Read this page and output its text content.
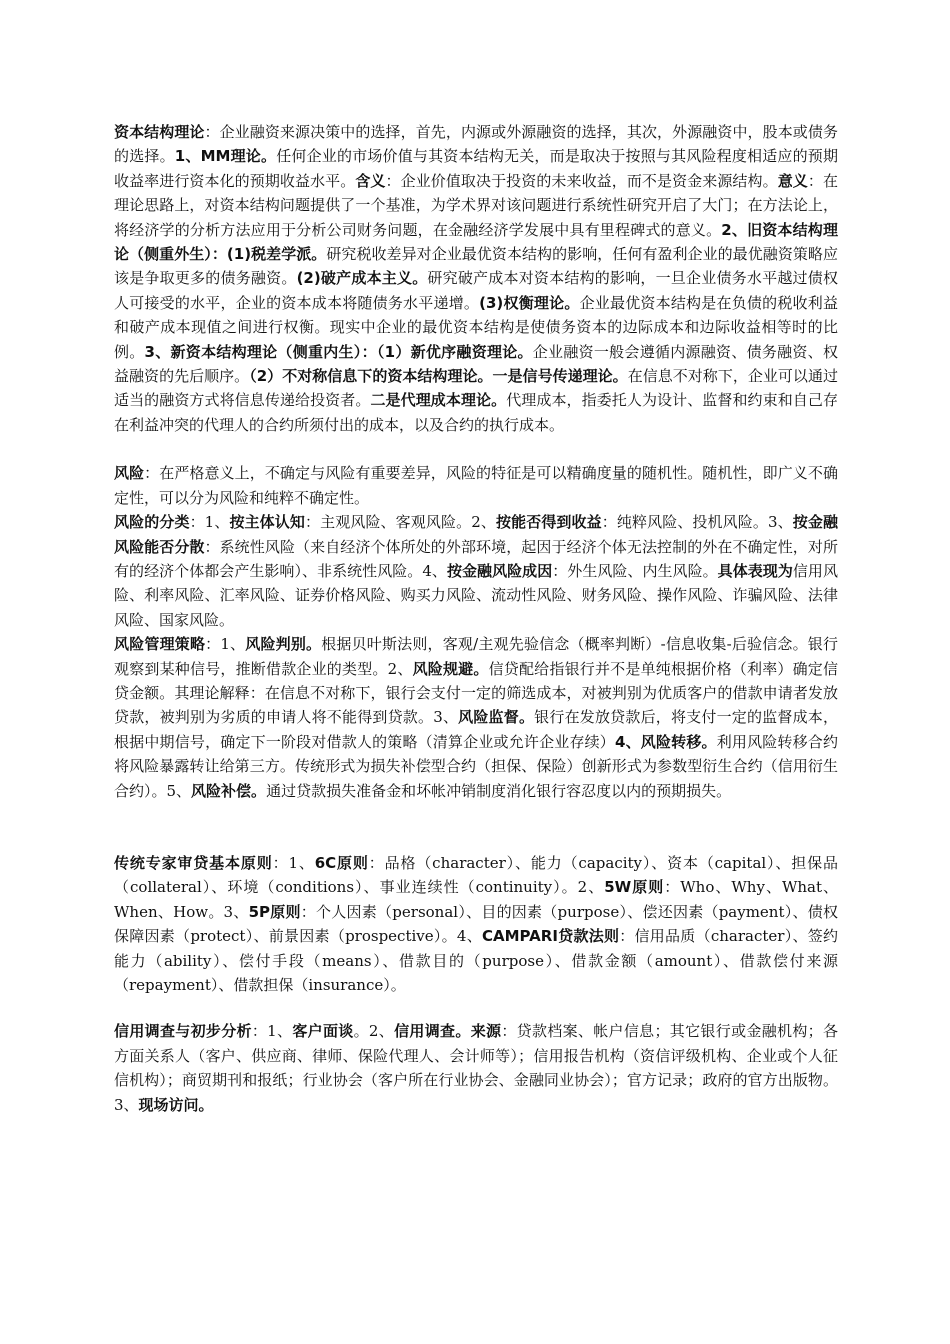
资本结构理论：企业融资来源决策中的选择，首先，内源或外源融资的选择，其次，外源融资中，股本或债务的选择。1、MM理论。任何企业的市场价值与其资本结构无关，而是取决于按照与其风险程度相适应的预期收益率进行资本化的预期收益水平。含义：企业价值取决于投资的未来收益，而不是资金来源结构。意义：在理论思路上，对资本结构问题提供了一个基准，为学术界对该问题进行系统性研究开启了大门；在方法论上，将经济学的分析方法应用于分析公司财务问题，在金融经济学发展中具有里程碑式的意义。2、旧资本结构理论（侧重外生）：(1)税差学派。研究税收差异对企业最优资本结构的影响，任何有盈利企业的最优融资策略应该是争取更多的债务融资。(2)破产成本主义。研究破产成本对资本结构的影响，一旦企业债务水平越过债权人可接受的水平，企业的资本成本将随债务水平递增。(3)权衡理论。企业最优资本结构是在负债的税收利益和破产成本现值之间进行权衡。现实中企业的最优资本结构是使债务资本的边际成本和边际收益相等时的比例。3、新资本结构理论（侧重内生）：（1）新优序融资理论。企业融资一般会遵循内源融资、债务融资、权益融资的先后顺序。（2）不对称信息下的资本结构理论。一是信号传递理论。在信息不对称下，企业可以通过适当的融资方式将信息传递给投资者。二是代理成本理论。代理成本，指委托人为设计、监督和约束和自己存在利益冲突的代理人的合约所须付出的成本，以及合约的执行成本。

风险：在严格意义上，不确定与风险有重要差异，风险的特征是可以精确度量的随机性。随机性，即广义不确定性，可以分为风险和纯粹不确定性。

风险的分类：1、按主体认知：主观风险、客观风险。2、按能否得到收益：纯粹风险、投机风险。3、按金融风险能否分散：系统性风险（来自经济个体所处的外部环境，起因于经济个体无法控制的外在不确定性，对所有的经济个体都会产生影响）、非系统性风险。4、按金融风险成因：外生风险、内生风险。具体表现为信用风险、利率风险、汇率风险、证券价格风险、购买力风险、流动性风险、财务风险、操作风险、诈骗风险、法律风险、国家风险。

风险管理策略：1、风险判别。根据贝叶斯法则，客观/主观先验信念（概率判断）-信息收集-后验信念。银行观察到某种信号，推断借款企业的类型。2、风险规避。信贷配给指银行并不是单纯根据价格（利率）确定信贷金额。其理论解释：在信息不对称下，银行会支付一定的筛选成本，对被判别为优质客户的借款申请者发放贷款，被判别为劣质的申请人将不能得到贷款。3、风险监督。银行在发放贷款后，将支付一定的监督成本，根据中期信号，确定下一阶段对借款人的策略（清算企业或允许企业存续）4、风险转移。利用风险转移合约将风险暴露转让给第三方。传统形式为损失补偿型合约（担保、保险）创新形式为参数型衍生合约（信用衍生合约）。5、风险补偿。通过贷款损失准备金和坏帐冲销制度消化银行容忍度以内的预期损失。

传统专家审贷基本原则：1、6C原则：品格（character）、能力（capacity）、资本（capital）、担保品（collateral）、环境（conditions）、事业连续性（continuity）。2、5W原则：Who、Why、What、When、How。3、5P原则：个人因素（personal）、目的因素（purpose）、偿还因素（payment）、债权保障因素（protect）、前景因素（prospective）。4、CAMPARI贷款法则：信用品质（character）、签约能力（ability）、偿付手段（means）、借款目的（purpose）、借款金额（amount）、借款偿付来源（repayment）、借款担保（insurance）。

信用调查与初步分析：1、客户面谈。2、信用调查。来源：贷款档案、帐户信息；其它银行或金融机构；各方面关系人（客户、供应商、律师、保险代理人、会计师等）；信用报告机构（资信评级机构、企业或个人征信机构）；商贸期刊和报纸；行业协会（客户所在行业协会、金融同业协会）；官方记录；政府的官方出版物。3、现场访问。
